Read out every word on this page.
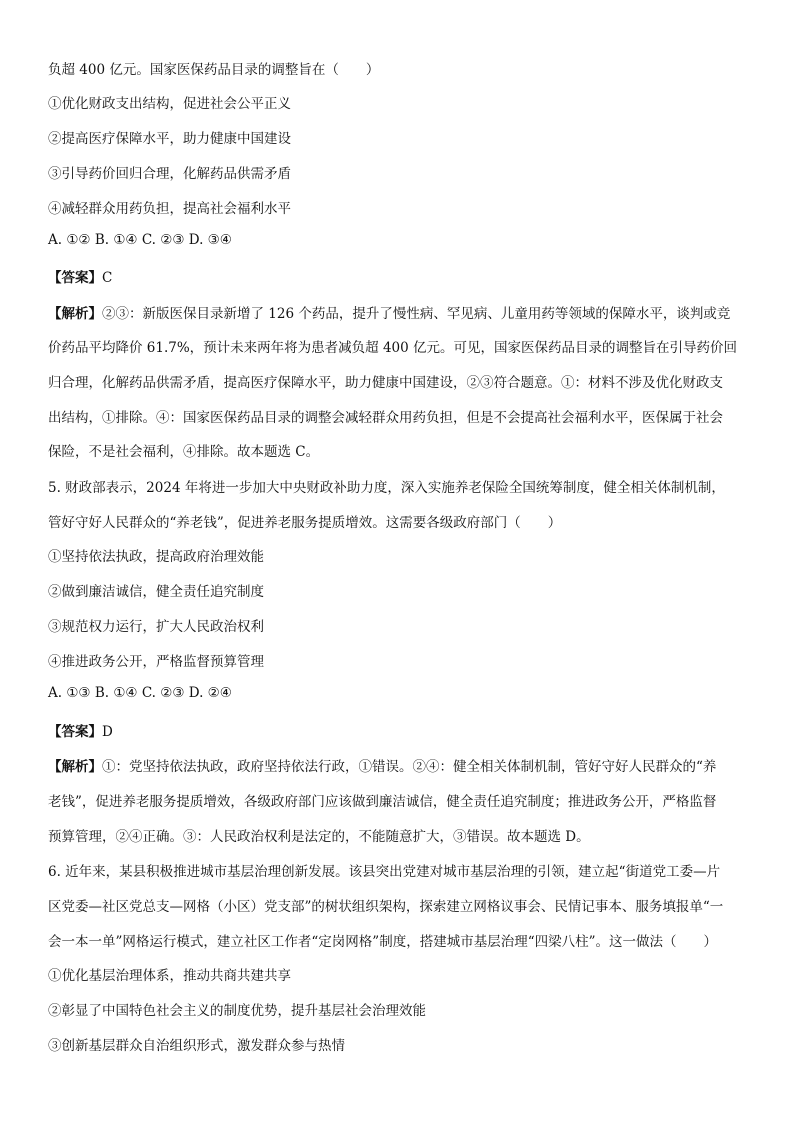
负超 400 亿元。国家医保药品目录的调整旨在（　　）
①优化财政支出结构，促进社会公平正义
②提高医疗保障水平，助力健康中国建设
③引导药价回归合理，化解药品供需矛盾
④减轻群众用药负担，提高社会福利水平
A. ①② B. ①④ C. ②③ D. ③④
【答案】C
【解析】②③：新版医保目录新增了 126 个药品，提升了慢性病、罕见病、儿童用药等领域的保障水平，谈判或竞
价药品平均降价 61.7%，预计未来两年将为患者减负超 400 亿元。可见，国家医保药品目录的调整旨在引导药价回
归合理，化解药品供需矛盾，提高医疗保障水平，助力健康中国建设，②③符合题意。①：材料不涉及优化财政支
出结构，①排除。④：国家医保药品目录的调整会减轻群众用药负担，但是不会提高社会福利水平，医保属于社会
保险，不是社会福利，④排除。故本题选 C。
5. 财政部表示，2024 年将进一步加大中央财政补助力度，深入实施养老保险全国统筹制度，健全相关体制机制，
管好守好人民群众的“养老钱”，促进养老服务提质增效。这需要各级政府部门（　　）
①坚持依法执政，提高政府治理效能
②做到廉洁诚信，健全责任追究制度
③规范权力运行，扩大人民政治权利
④推进政务公开，严格监督预算管理
A. ①③ B. ①④ C. ②③ D. ②④
【答案】D
【解析】①：党坚持依法执政，政府坚持依法行政，①错误。②④：健全相关体制机制，管好守好人民群众的“养
老钱”，促进养老服务提质增效，各级政府部门应该做到廉洁诚信，健全责任追究制度；推进政务公开，严格监督
预算管理，②④正确。③：人民政治权利是法定的，不能随意扩大，③错误。故本题选 D。
6. 近年来，某县积极推进城市基层治理创新发展。该县突出党建对城市基层治理的引领，建立起“街道党工委—片
区党委—社区党总支—网格（小区）党支部”的树状组织架构，探索建立网格议事会、民情记事本、服务填报单“一
会一本一单”网格运行模式，建立社区工作者“定岗网格”制度，搭建城市基层治理“四梁八柱”。这一做法（　　）
①优化基层治理体系，推动共商共建共享
②彰显了中国特色社会主义的制度优势，提升基层社会治理效能
③创新基层群众自治组织形式，激发群众参与热情
